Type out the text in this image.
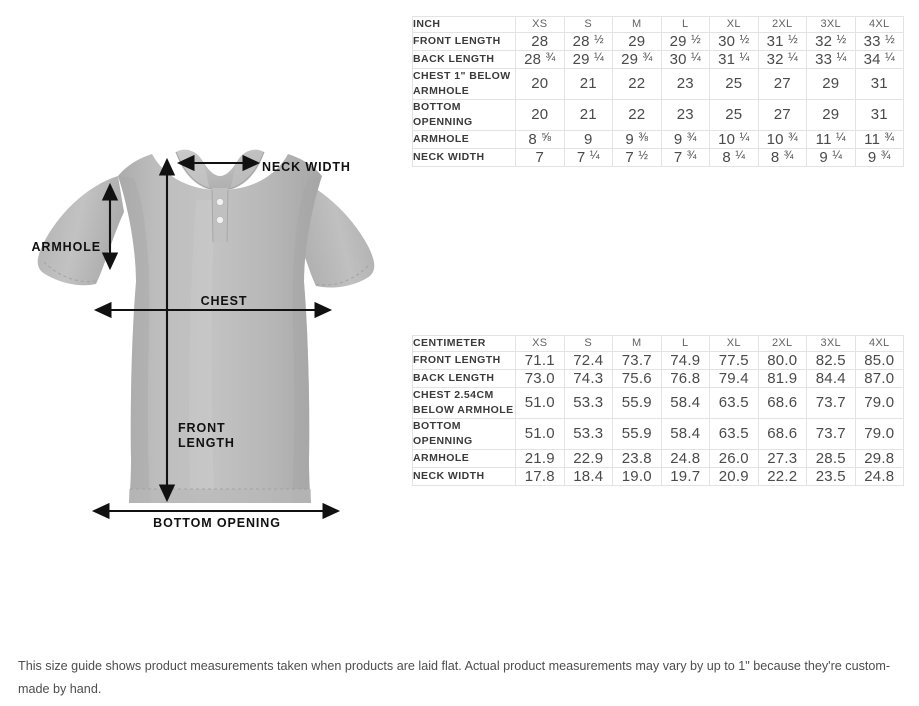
NECK WIDTH
ARMHOLE
CHEST
FRONT
LENGTH
BOTTOM OPENING
INCH	XS	S	M	L	XL	2XL	3XL	4XL
FRONT LENGTH	28	28 $^{\frac{1}{2}}$	29	29 $^{\frac{1}{2}}$	30 $^{\frac{1}{2}}$	31 $^{\frac{1}{2}}$	32 $^{\frac{1}{2}}$	33 $^{\frac{1}{2}}$
BACK LENGTH	28 $^{\frac{3}{4}}$	29 $^{\frac{1}{4}}$	29 $^{\frac{3}{4}}$	30 $^{\frac{1}{4}}$	31 $^{\frac{1}{4}}$	32 $^{\frac{1}{4}}$	33 $^{\frac{1}{4}}$	34 $^{\frac{1}{4}}$
CHEST 1" BELOW ARMHOLE	20	21	22	23	25	27	29	31
BOTTOM OPENNING	20	21	22	23	25	27	29	31
ARMHOLE	8 $^{\frac{5}{8}}$	9	9 $^{\frac{3}{8}}$	9 $^{\frac{3}{4}}$	10 $^{\frac{1}{4}}$	10 $^{\frac{3}{4}}$	11 $^{\frac{1}{4}}$	11 $^{\frac{3}{4}}$
NECK WIDTH	7	7 $^{\frac{1}{4}}$	7 $^{\frac{1}{2}}$	7 $^{\frac{3}{4}}$	8 $^{\frac{1}{4}}$	8 $^{\frac{3}{4}}$	9 $^{\frac{1}{4}}$	9 $^{\frac{3}{4}}$
CENTIMETER	XS	S	M	L	XL	2XL	3XL	4XL
FRONT LENGTH	71.1	72.4	73.7	74.9	77.5	80.0	82.5	85.0
BACK LENGTH	73.0	74.3	75.6	76.8	79.4	81.9	84.4	87.0
CHEST 2.54CM BELOW ARMHOLE	51.0	53.3	55.9	58.4	63.5	68.6	73.7	79.0
BOTTOM OPENNING	51.0	53.3	55.9	58.4	63.5	68.6	73.7	79.0
ARMHOLE	21.9	22.9	23.8	24.8	26.0	27.3	28.5	29.8
NECK WIDTH	17.8	18.4	19.0	19.7	20.9	22.2	23.5	24.8
This size guide shows product measurements taken when products are laid flat. Actual product measurements may vary by up to 1" because they're custom-made by hand.
